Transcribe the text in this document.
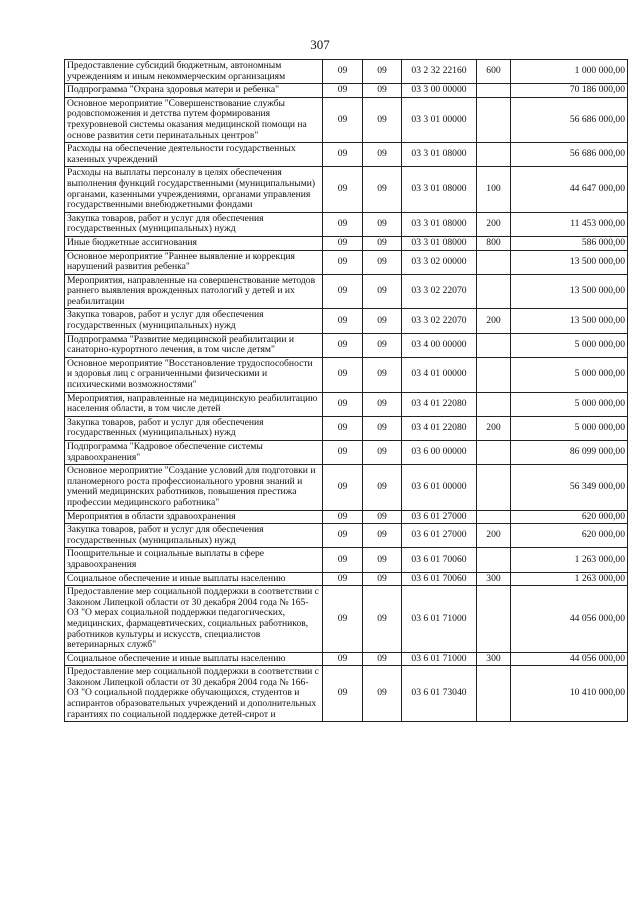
307
Предоставление субсидий бюджетным, автономным учреждениям и иным некоммерческим организациям	09	09	03 2 32 22160	600	1 000 000,00
Подпрограмма "Охрана здоровья матери и ребенка"	09	09	03 3 00 00000		70 186 000,00
Основное мероприятие "Совершенствование службы родовспоможения и детства путем формирования трехуровневой системы оказания медицинской помощи на основе развития сети перинатальных центров"	09	09	03 3 01 00000		56 686 000,00
Расходы на обеспечение деятельности государственных казенных учреждений	09	09	03 3 01 08000		56 686 000,00
Расходы на выплаты персоналу в целях обеспечения выполнения функций государственными (муниципальными) органами, казенными учреждениями, органами управления государственными внебюджетными фондами	09	09	03 3 01 08000	100	44 647 000,00
Закупка товаров, работ и услуг для обеспечения государственных (муниципальных) нужд	09	09	03 3 01 08000	200	11 453 000,00
Иные бюджетные ассигнования	09	09	03 3 01 08000	800	586 000,00
Основное мероприятие "Раннее выявление и коррекция нарушений развития ребенка"	09	09	03 3 02 00000		13 500 000,00
Мероприятия, направленные на совершенствование методов раннего выявления врожденных патологий у детей и их реабилитации	09	09	03 3 02 22070		13 500 000,00
Закупка товаров, работ и услуг для обеспечения государственных (муниципальных) нужд	09	09	03 3 02 22070	200	13 500 000,00
Подпрограмма "Развитие медицинской реабилитации и санаторно-курортного лечения, в том числе детям"	09	09	03 4 00 00000		5 000 000,00
Основное мероприятие "Восстановление трудоспособности и здоровья лиц с ограниченными физическими и психическими возможностями"	09	09	03 4 01 00000		5 000 000,00
Мероприятия, направленные на медицинскую реабилитацию населения области, в том числе детей	09	09	03 4 01 22080		5 000 000,00
Закупка товаров, работ и услуг для обеспечения государственных (муниципальных) нужд	09	09	03 4 01 22080	200	5 000 000,00
Подпрограмма "Кадровое обеспечение системы здравоохранения"	09	09	03 6 00 00000		86 099 000,00
Основное мероприятие "Создание условий для подготовки и планомерного роста профессионального уровня знаний и умений медицинских работников, повышения престижа профессии медицинского работника"	09	09	03 6 01 00000		56 349 000,00
Мероприятия в области здравоохранения	09	09	03 6 01 27000		620 000,00
Закупка товаров, работ и услуг для обеспечения государственных (муниципальных) нужд	09	09	03 6 01 27000	200	620 000,00
Поощрительные и социальные выплаты в сфере здравоохранения	09	09	03 6 01 70060		1 263 000,00
Социальное обеспечение и иные выплаты населению	09	09	03 6 01 70060	300	1 263 000,00
Предоставление мер социальной поддержки в соответствии с Законом Липецкой области от 30 декабря 2004 года № 165-ОЗ "О мерах социальной поддержки педагогических, медицинских, фармацевтических, социальных работников, работников культуры и искусств, специалистов ветеринарных служб"	09	09	03 6 01 71000		44 056 000,00
Социальное обеспечение и иные выплаты населению	09	09	03 6 01 71000	300	44 056 000,00
Предоставление мер социальной поддержки в соответствии с Законом Липецкой области от 30 декабря 2004 года № 166-ОЗ "О социальной поддержке обучающихся, студентов и аспирантов образовательных учреждений и дополнительных гарантиях по социальной поддержке детей-сирот и	09	09	03 6 01 73040		10 410 000,00
